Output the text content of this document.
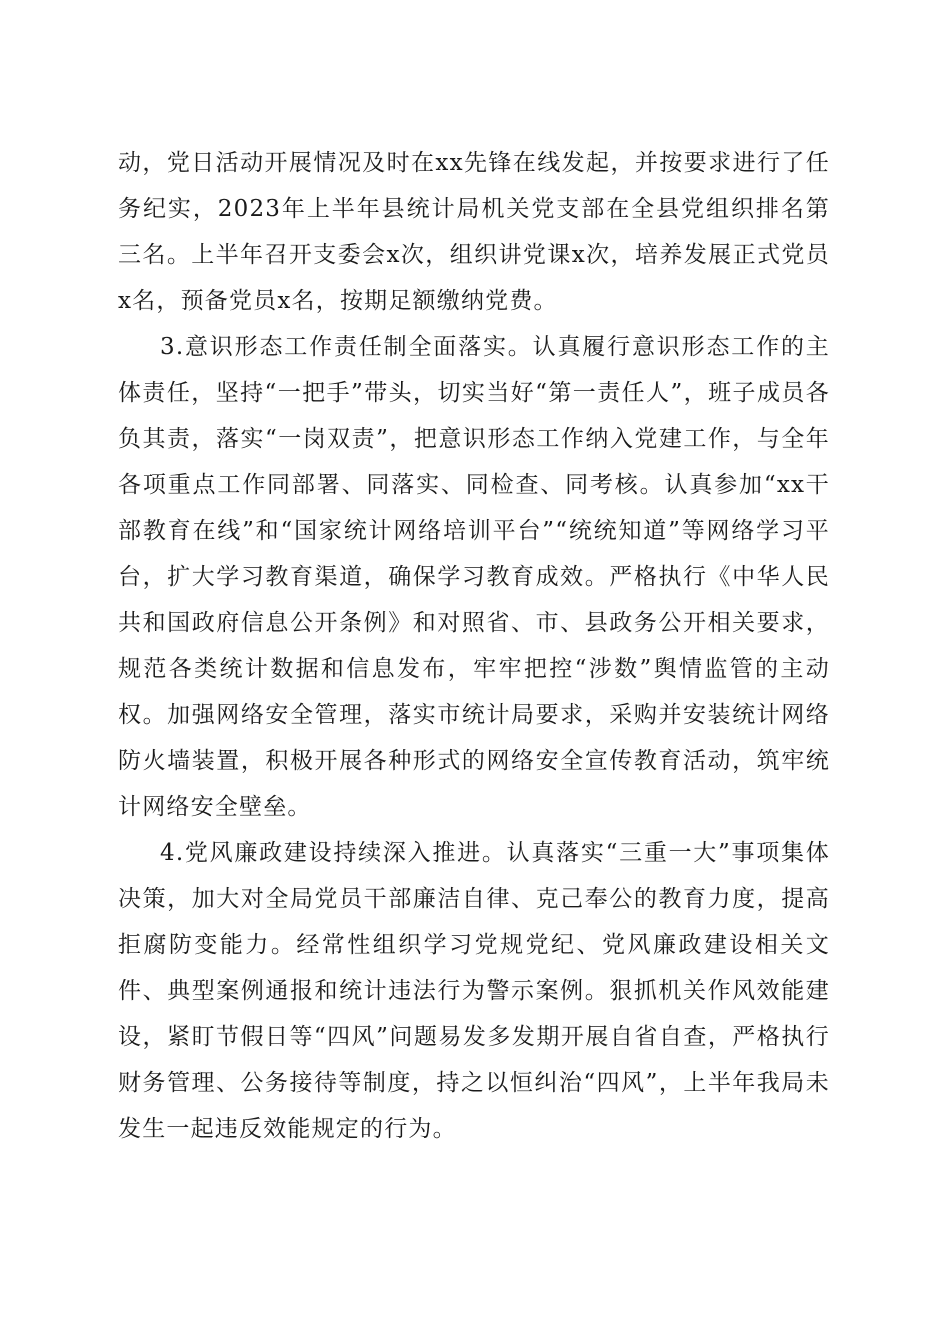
动，党日活动开展情况及时在xx先锋在线发起，并按要求进行了任务纪实，2023年上半年县统计局机关党支部在全县党组织排名第三名。上半年召开支委会x次，组织讲党课x次，培养发展正式党员x名，预备党员x名，按期足额缴纳党费。

3.意识形态工作责任制全面落实。认真履行意识形态工作的主体责任，坚持“一把手”带头，切实当好“第一责任人”，班子成员各负其责，落实“一岗双责”，把意识形态工作纳入党建工作，与全年各项重点工作同部署、同落实、同检查、同考核。认真参加“xx干部教育在线”和“国家统计网络培训平台”“统统知道”等网络学习平台，扩大学习教育渠道，确保学习教育成效。严格执行《中华人民共和国政府信息公开条例》和对照省、市、县政务公开相关要求，规范各类统计数据和信息发布，牢牢把控“涉数”舆情监管的主动权。加强网络安全管理，落实市统计局要求，采购并安装统计网络防火墙装置，积极开展各种形式的网络安全宣传教育活动，筑牢统计网络安全壁垒。

4.党风廉政建设持续深入推进。认真落实“三重一大”事项集体决策，加大对全局党员干部廉洁自律、克己奉公的教育力度，提高拒腐防变能力。经常性组织学习党规党纪、党风廉政建设相关文件、典型案例通报和统计违法行为警示案例。狠抓机关作风效能建设，紧盯节假日等“四风”问题易发多发期开展自省自查，严格执行财务管理、公务接待等制度，持之以恒纠治“四风”，上半年我局未发生一起违反效能规定的行为。
